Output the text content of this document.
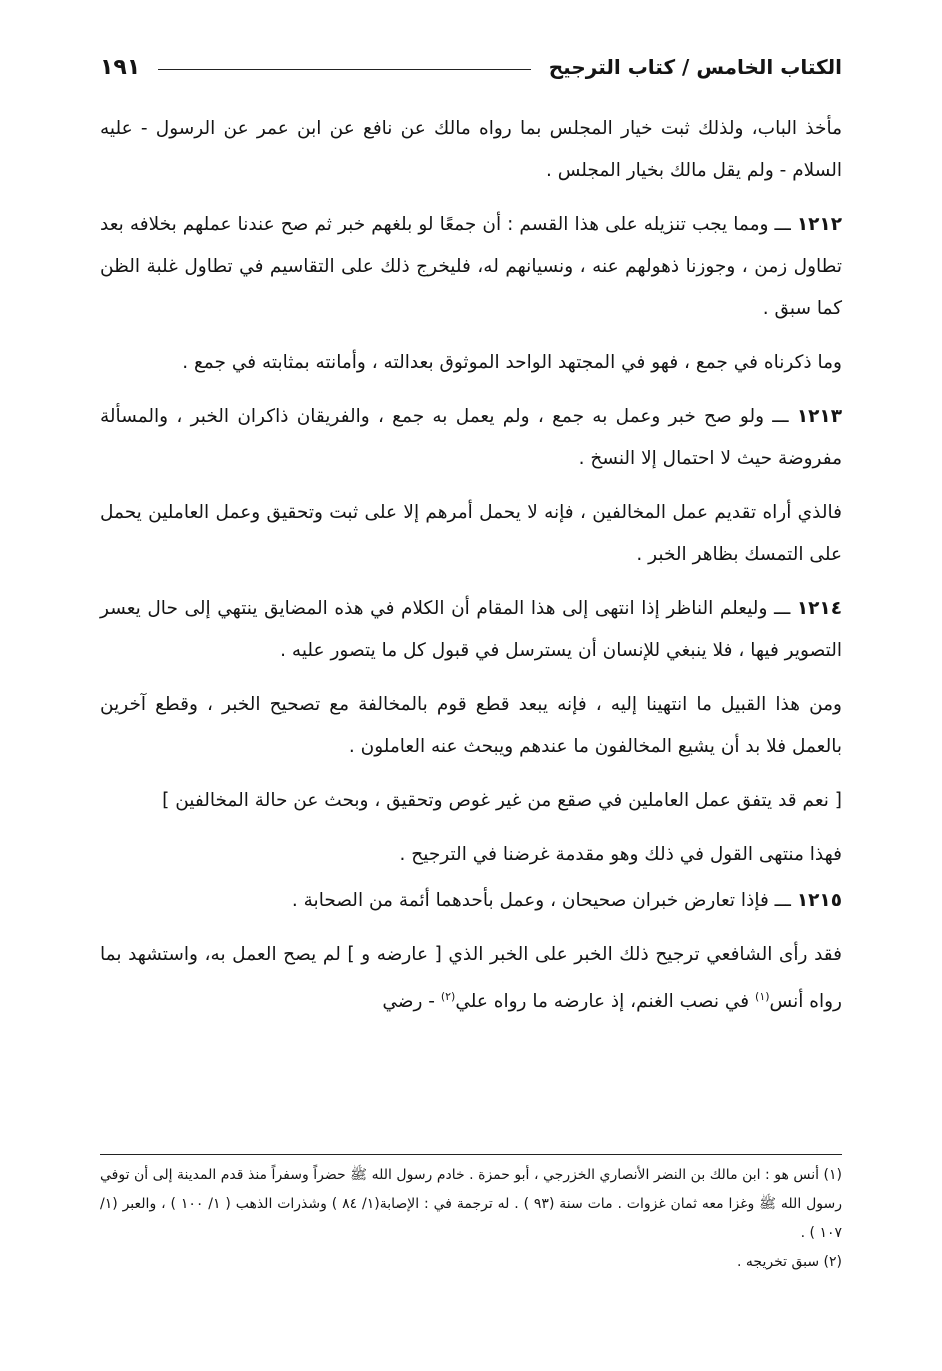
الكتاب الخامس / كتاب الترجيح
١٩١

مأخذ الباب، ولذلك ثبت خيار المجلس بما رواه مالك عن نافع عن ابن عمر عن الرسول - عليه السلام - ولم يقل مالك بخيار المجلس .

١٢١٢ ـــ ومما يجب تنزيله على هذا القسم : أن جمعًا لو بلغهم خبر ثم صح عندنا عملهم بخلافه بعد تطاول زمن ، وجوزنا ذهولهم عنه ، ونسيانهم له، فليخرج ذلك على التقاسيم في تطاول غلبة الظن كما سبق .

وما ذكرناه في جمع ، فهو في المجتهد الواحد الموثوق بعدالته ، وأمانته بمثابته في جمع .

١٢١٣ ـــ ولو صح خبر وعمل به جمع ، ولم يعمل به جمع ، والفريقان ذاكران الخبر ، والمسألة مفروضة حيث لا احتمال إلا النسخ .

فالذي أراه تقديم عمل المخالفين ، فإنه لا يحمل أمرهم إلا على ثبت وتحقيق وعمل العاملين يحمل على التمسك بظاهر الخبر .

١٢١٤ ـــ وليعلم الناظر إذا انتهى إلى هذا المقام أن الكلام في هذه المضايق ينتهي إلى حال يعسر التصوير فيها ، فلا ينبغي للإنسان أن يسترسل في قبول كل ما يتصور عليه .

ومن هذا القبيل ما انتهينا إليه ، فإنه يبعد قطع قوم بالمخالفة مع تصحيح الخبر ، وقطع آخرين بالعمل فلا بد أن يشيع المخالفون ما عندهم ويبحث عنه العاملون .

[ نعم قد يتفق عمل العاملين في صقع من غير غوص وتحقيق ، وبحث عن حالة المخالفين ]

فهذا منتهى القول في ذلك وهو مقدمة غرضنا في الترجيح .

١٢١٥ ـــ فإذا تعارض خبران صحيحان ، وعمل بأحدهما أئمة من الصحابة .

فقد رأى الشافعي ترجيح ذلك الخبر على الخبر الذي [ عارضه و ] لم يصح العمل به، واستشهد بما رواه أنس$^{(١)}$ في نصب الغنم، إذ عارضه ما رواه علي$^{(٢)}$ - رضي

(١) أنس هو : ابن مالك بن النضر الأنصاري الخزرجي ، أبو حمزة . خادم رسول الله ﷺ حضراً وسفراً منذ قدم المدينة إلى أن توفي رسول الله ﷺ وغزا معه ثمان غزوات . مات سنة (٩٣ ) . له ترجمة في : الإصابة(١/ ٨٤ ) وشذرات الذهب ( ١/ ١٠٠ ) ، والعبر (١/ ١٠٧ ) .

(٢) سبق تخريجه .
